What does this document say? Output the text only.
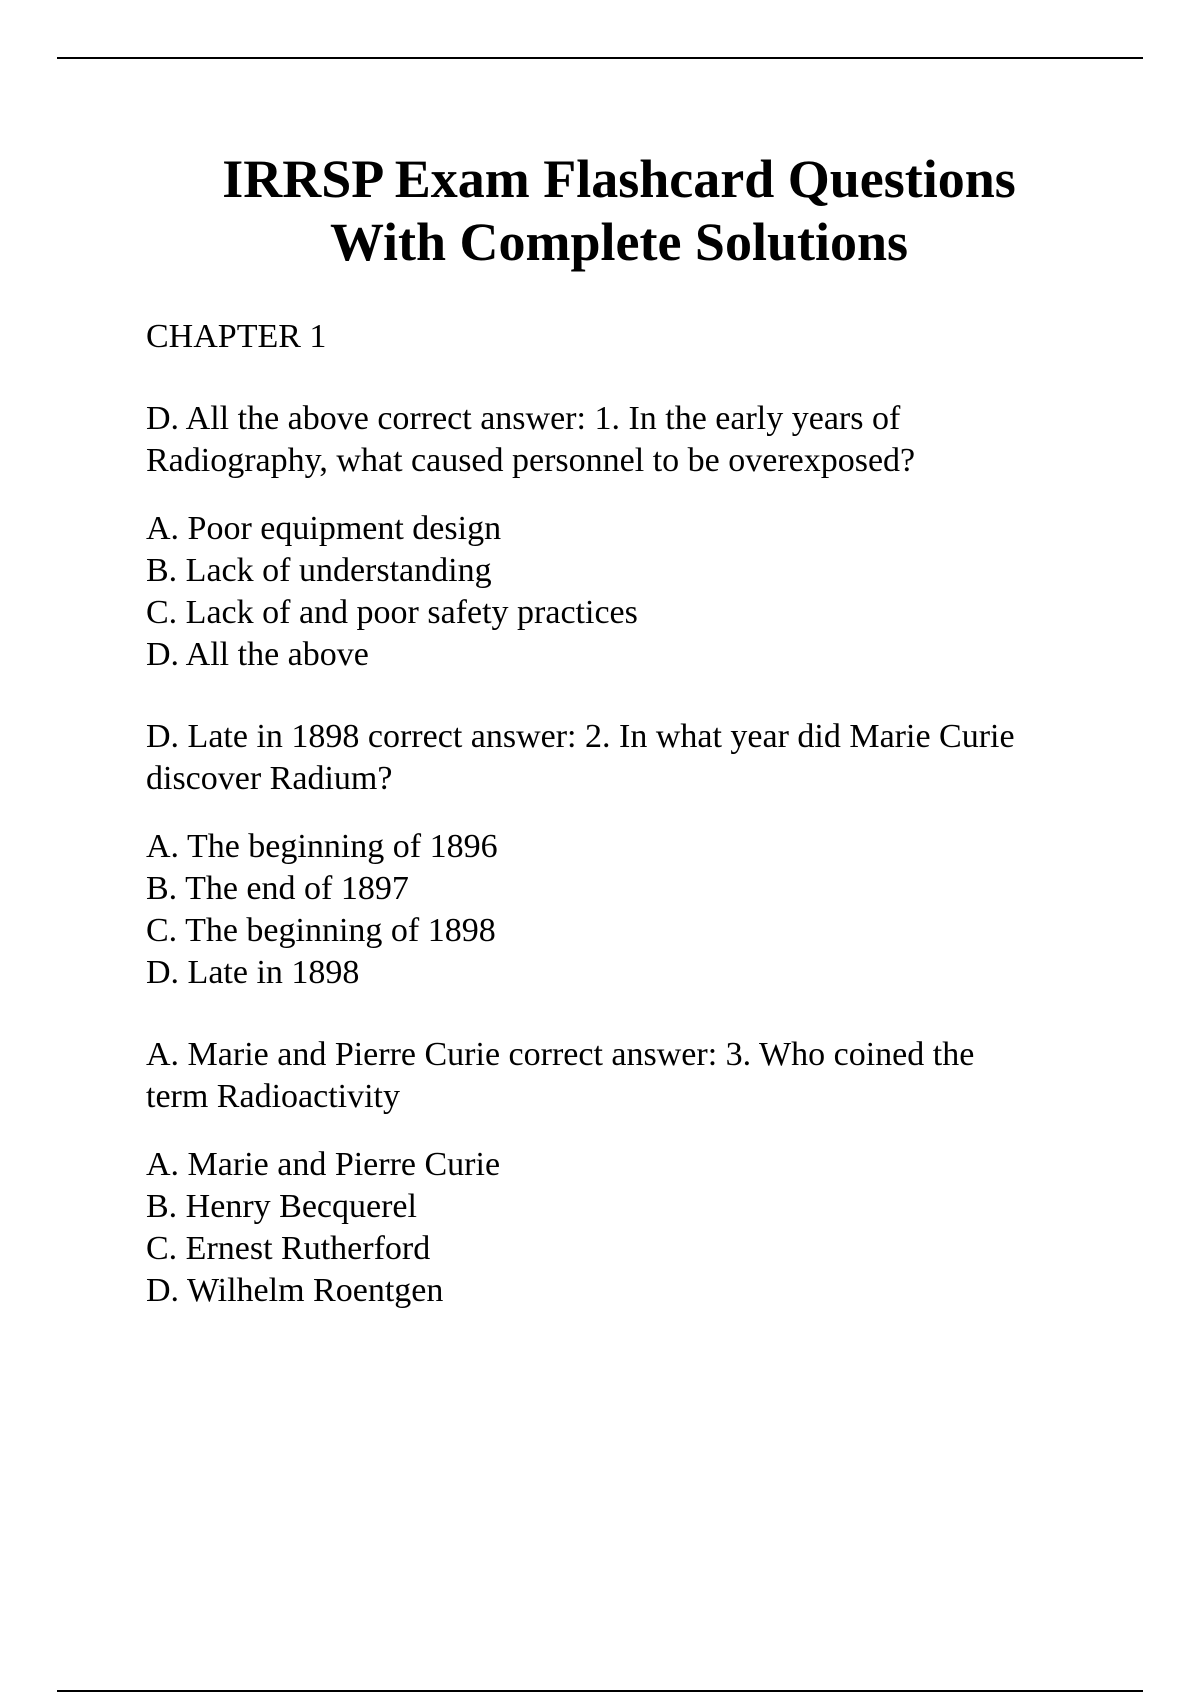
IRRSP Exam Flashcard Questions
With Complete Solutions

CHAPTER 1

D. All the above correct answer: 1. In the early years of
Radiography, what caused personnel to be overexposed?

A. Poor equipment design
B. Lack of understanding
C. Lack of and poor safety practices
D. All the above

D. Late in 1898 correct answer: 2. In what year did Marie Curie
discover Radium?

A. The beginning of 1896
B. The end of 1897
C. The beginning of 1898
D. Late in 1898

A. Marie and Pierre Curie correct answer: 3. Who coined the
term Radioactivity

A. Marie and Pierre Curie
B. Henry Becquerel
C. Ernest Rutherford
D. Wilhelm Roentgen
